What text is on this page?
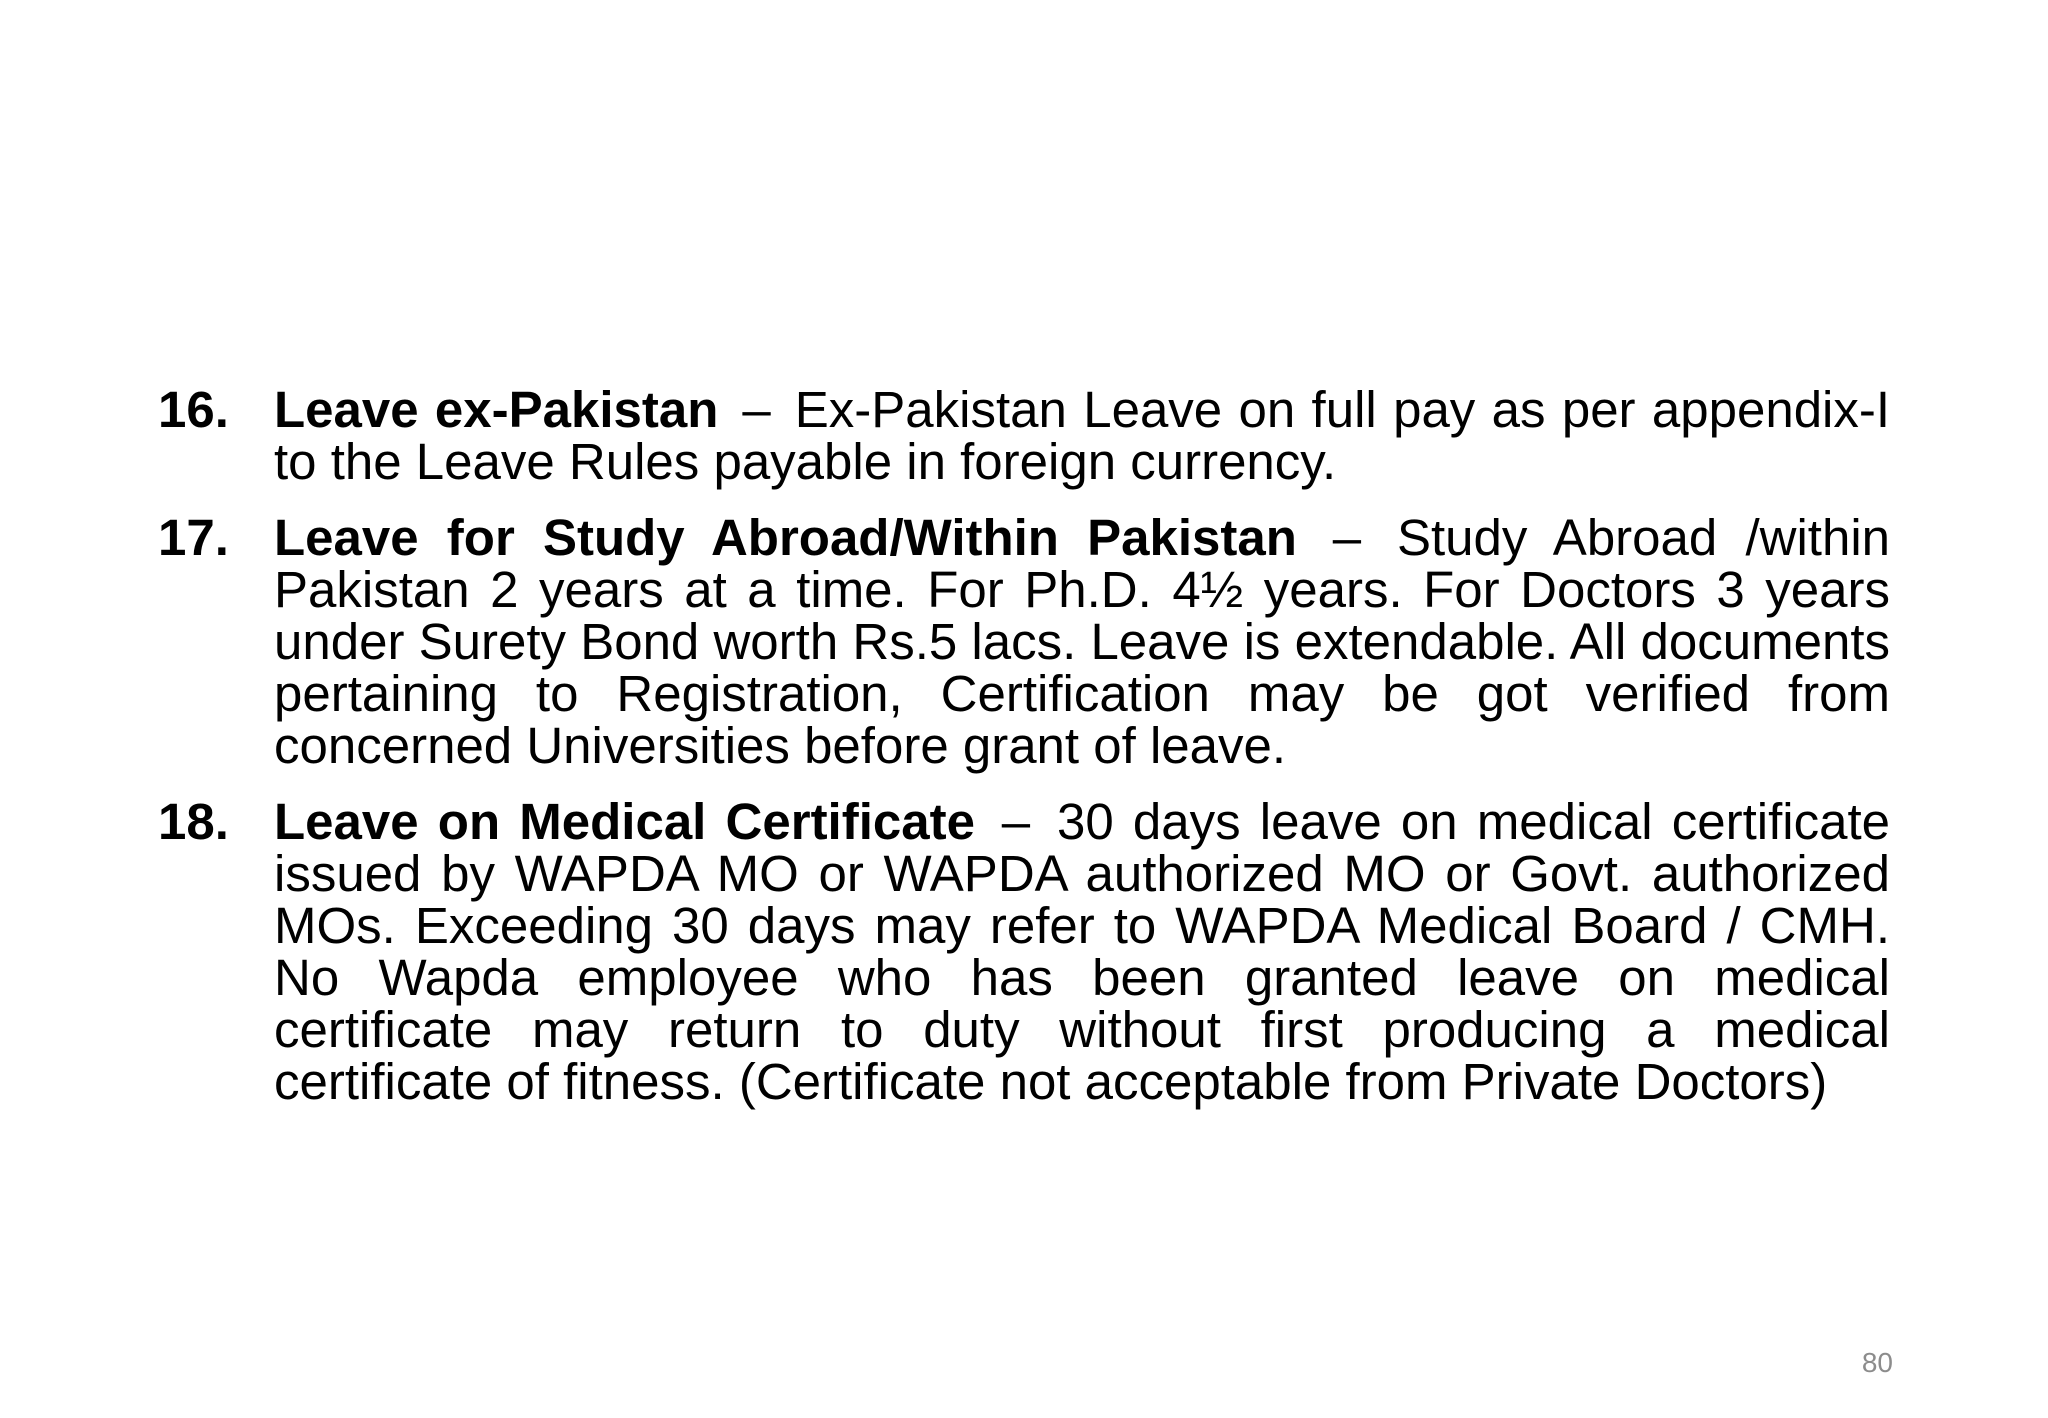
16. Leave ex-Pakistan – Ex-Pakistan Leave on full pay as per appendix-I to the Leave Rules payable in foreign currency.
17. Leave for Study Abroad/Within Pakistan – Study Abroad /within Pakistan 2 years at a time. For Ph.D. 4½ years. For Doctors 3 years under Surety Bond worth Rs.5 lacs. Leave is extendable. All documents pertaining to Registration, Certification may be got verified from concerned Universities before grant of leave.
18. Leave on Medical Certificate – 30 days leave on medical certificate issued by WAPDA MO or WAPDA authorized MO or Govt. authorized MOs. Exceeding 30 days may refer to WAPDA Medical Board / CMH. No Wapda employee who has been granted leave on medical certificate may return to duty without first producing a medical certificate of fitness. (Certificate not acceptable from Private Doctors)
80
